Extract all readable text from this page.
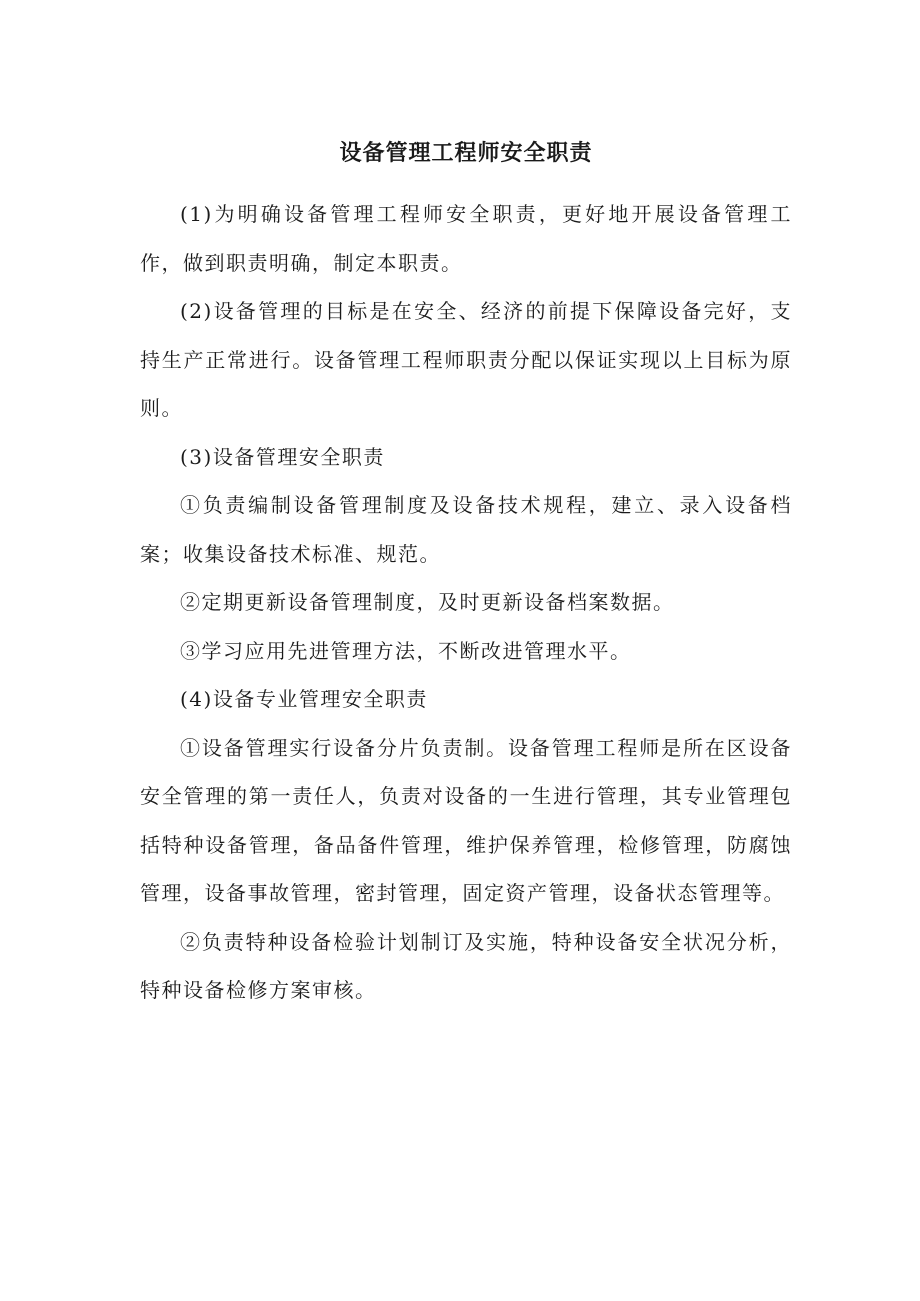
设备管理工程师安全职责

(1)为明确设备管理工程师安全职责，更好地开展设备管理工作，做到职责明确，制定本职责。

(2)设备管理的目标是在安全、经济的前提下保障设备完好，支持生产正常进行。设备管理工程师职责分配以保证实现以上目标为原则。

(3)设备管理安全职责

①负责编制设备管理制度及设备技术规程，建立、录入设备档案；收集设备技术标准、规范。

②定期更新设备管理制度，及时更新设备档案数据。

③学习应用先进管理方法，不断改进管理水平。

(4)设备专业管理安全职责

①设备管理实行设备分片负责制。设备管理工程师是所在区设备安全管理的第一责任人，负责对设备的一生进行管理，其专业管理包括特种设备管理，备品备件管理，维护保养管理，检修管理，防腐蚀管理，设备事故管理，密封管理，固定资产管理，设备状态管理等。

②负责特种设备检验计划制订及实施，特种设备安全状况分析，特种设备检修方案审核。
